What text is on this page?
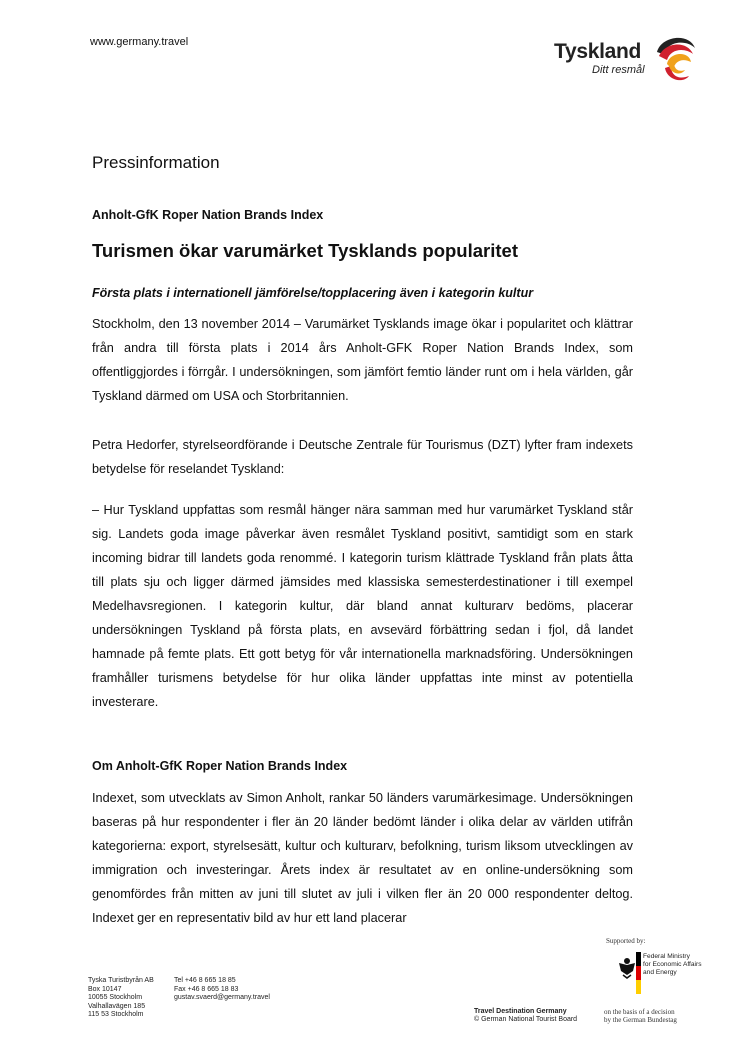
www.germany.travel	Tyskland
Ditt resmål
Pressinformation
Anholt-GfK Roper Nation Brands Index
Turismen ökar varumärket Tysklands popularitet
Första plats i internationell jämförelse/topplacering även i kategorin kultur
Stockholm, den 13 november 2014 – Varumärket Tysklands image ökar i popularitet och klättrar från andra till första plats i 2014 års Anholt-GFK Roper Nation Brands Index, som offentliggjordes i förrgår. I undersökningen, som jämfört femtio länder runt om i hela världen, går Tyskland därmed om USA och Storbritannien.
Petra Hedorfer, styrelseordförande i Deutsche Zentrale für Tourismus (DZT) lyfter fram indexets betydelse för reselandet Tyskland:
– Hur Tyskland uppfattas som resmål hänger nära samman med hur varumärket Tyskland står sig. Landets goda image påverkar även resmålet Tyskland positivt, samtidigt som en stark incoming bidrar till landets goda renommé. I kategorin turism klättrade Tyskland från plats åtta till plats sju och ligger därmed jämsides med klassiska semesterdestinationer i till exempel Medelhavsregionen. I kategorin kultur, där bland annat kulturarv bedöms, placerar undersökningen Tyskland på första plats, en avsevärd förbättring sedan i fjol, då landet hamnade på femte plats. Ett gott betyg för vår internationella marknadsföring. Undersökningen framhåller turismens betydelse för hur olika länder uppfattas inte minst av potentiella investerare.
Om Anholt-GfK Roper Nation Brands Index
Indexet, som utvecklats av Simon Anholt, rankar 50 länders varumärkesimage. Undersökningen baseras på hur respondenter i fler än 20 länder bedömt länder i olika delar av världen utifrån kategorierna: export, styrelsesätt, kultur och kulturarv, befolkning, turism liksom utvecklingen av immigration och investeringar. Årets index är resultatet av en online-undersökning som genomfördes från mitten av juni till slutet av juli i vilken fler än 20 000 respondenter deltog. Indexet ger en representativ bild av hur ett land placerar
Tyska Turistbyrån AB
Box 10147
10055 Stockholm
Valhallavägen 185
115 53 Stockholm
Tel +46 8 665 18 85
Fax +46 8 665 18 83
gustav.svaerd@germany.travel
Supported by:
Federal Ministry
for Economic Affairs
and Energy
Travel Destination Germany
© German National Tourist Board
on the basis of a decision
by the German Bundestag
